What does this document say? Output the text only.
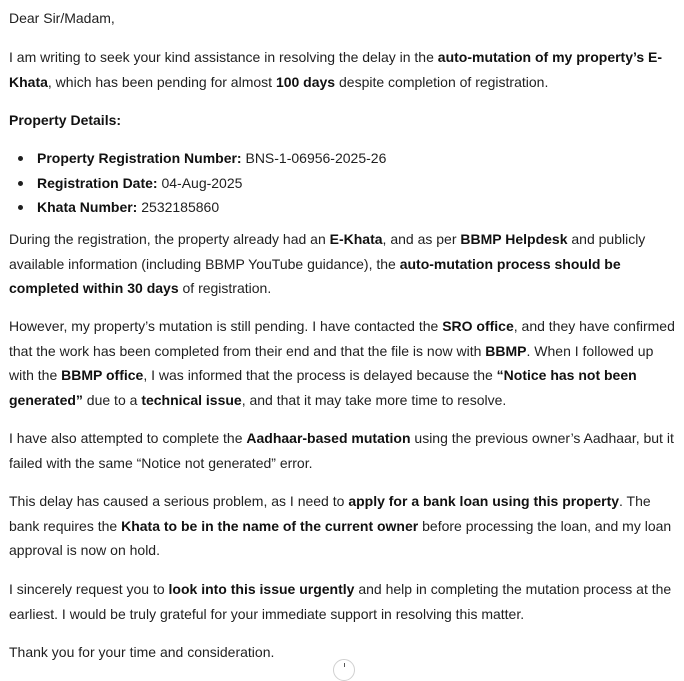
Dear Sir/Madam,

I am writing to seek your kind assistance in resolving the delay in the auto-mutation of my property’s E-Khata, which has been pending for almost 100 days despite completion of registration.

Property Details:

Property Registration Number: BNS-1-06956-2025-26
Registration Date: 04-Aug-2025
Khata Number: 2532185860

During the registration, the property already had an E-Khata, and as per BBMP Helpdesk and publicly available information (including BBMP YouTube guidance), the auto-mutation process should be completed within 30 days of registration.

However, my property’s mutation is still pending. I have contacted the SRO office, and they have confirmed that the work has been completed from their end and that the file is now with BBMP. When I followed up with the BBMP office, I was informed that the process is delayed because the “Notice has not been generated” due to a technical issue, and that it may take more time to resolve.

I have also attempted to complete the Aadhaar-based mutation using the previous owner’s Aadhaar, but it failed with the same “Notice not generated” error.

This delay has caused a serious problem, as I need to apply for a bank loan using this property. The bank requires the Khata to be in the name of the current owner before processing the loan, and my loan approval is now on hold.

I sincerely request you to look into this issue urgently and help in completing the mutation process at the earliest. I would be truly grateful for your immediate support in resolving this matter.

Thank you for your time and consideration.
